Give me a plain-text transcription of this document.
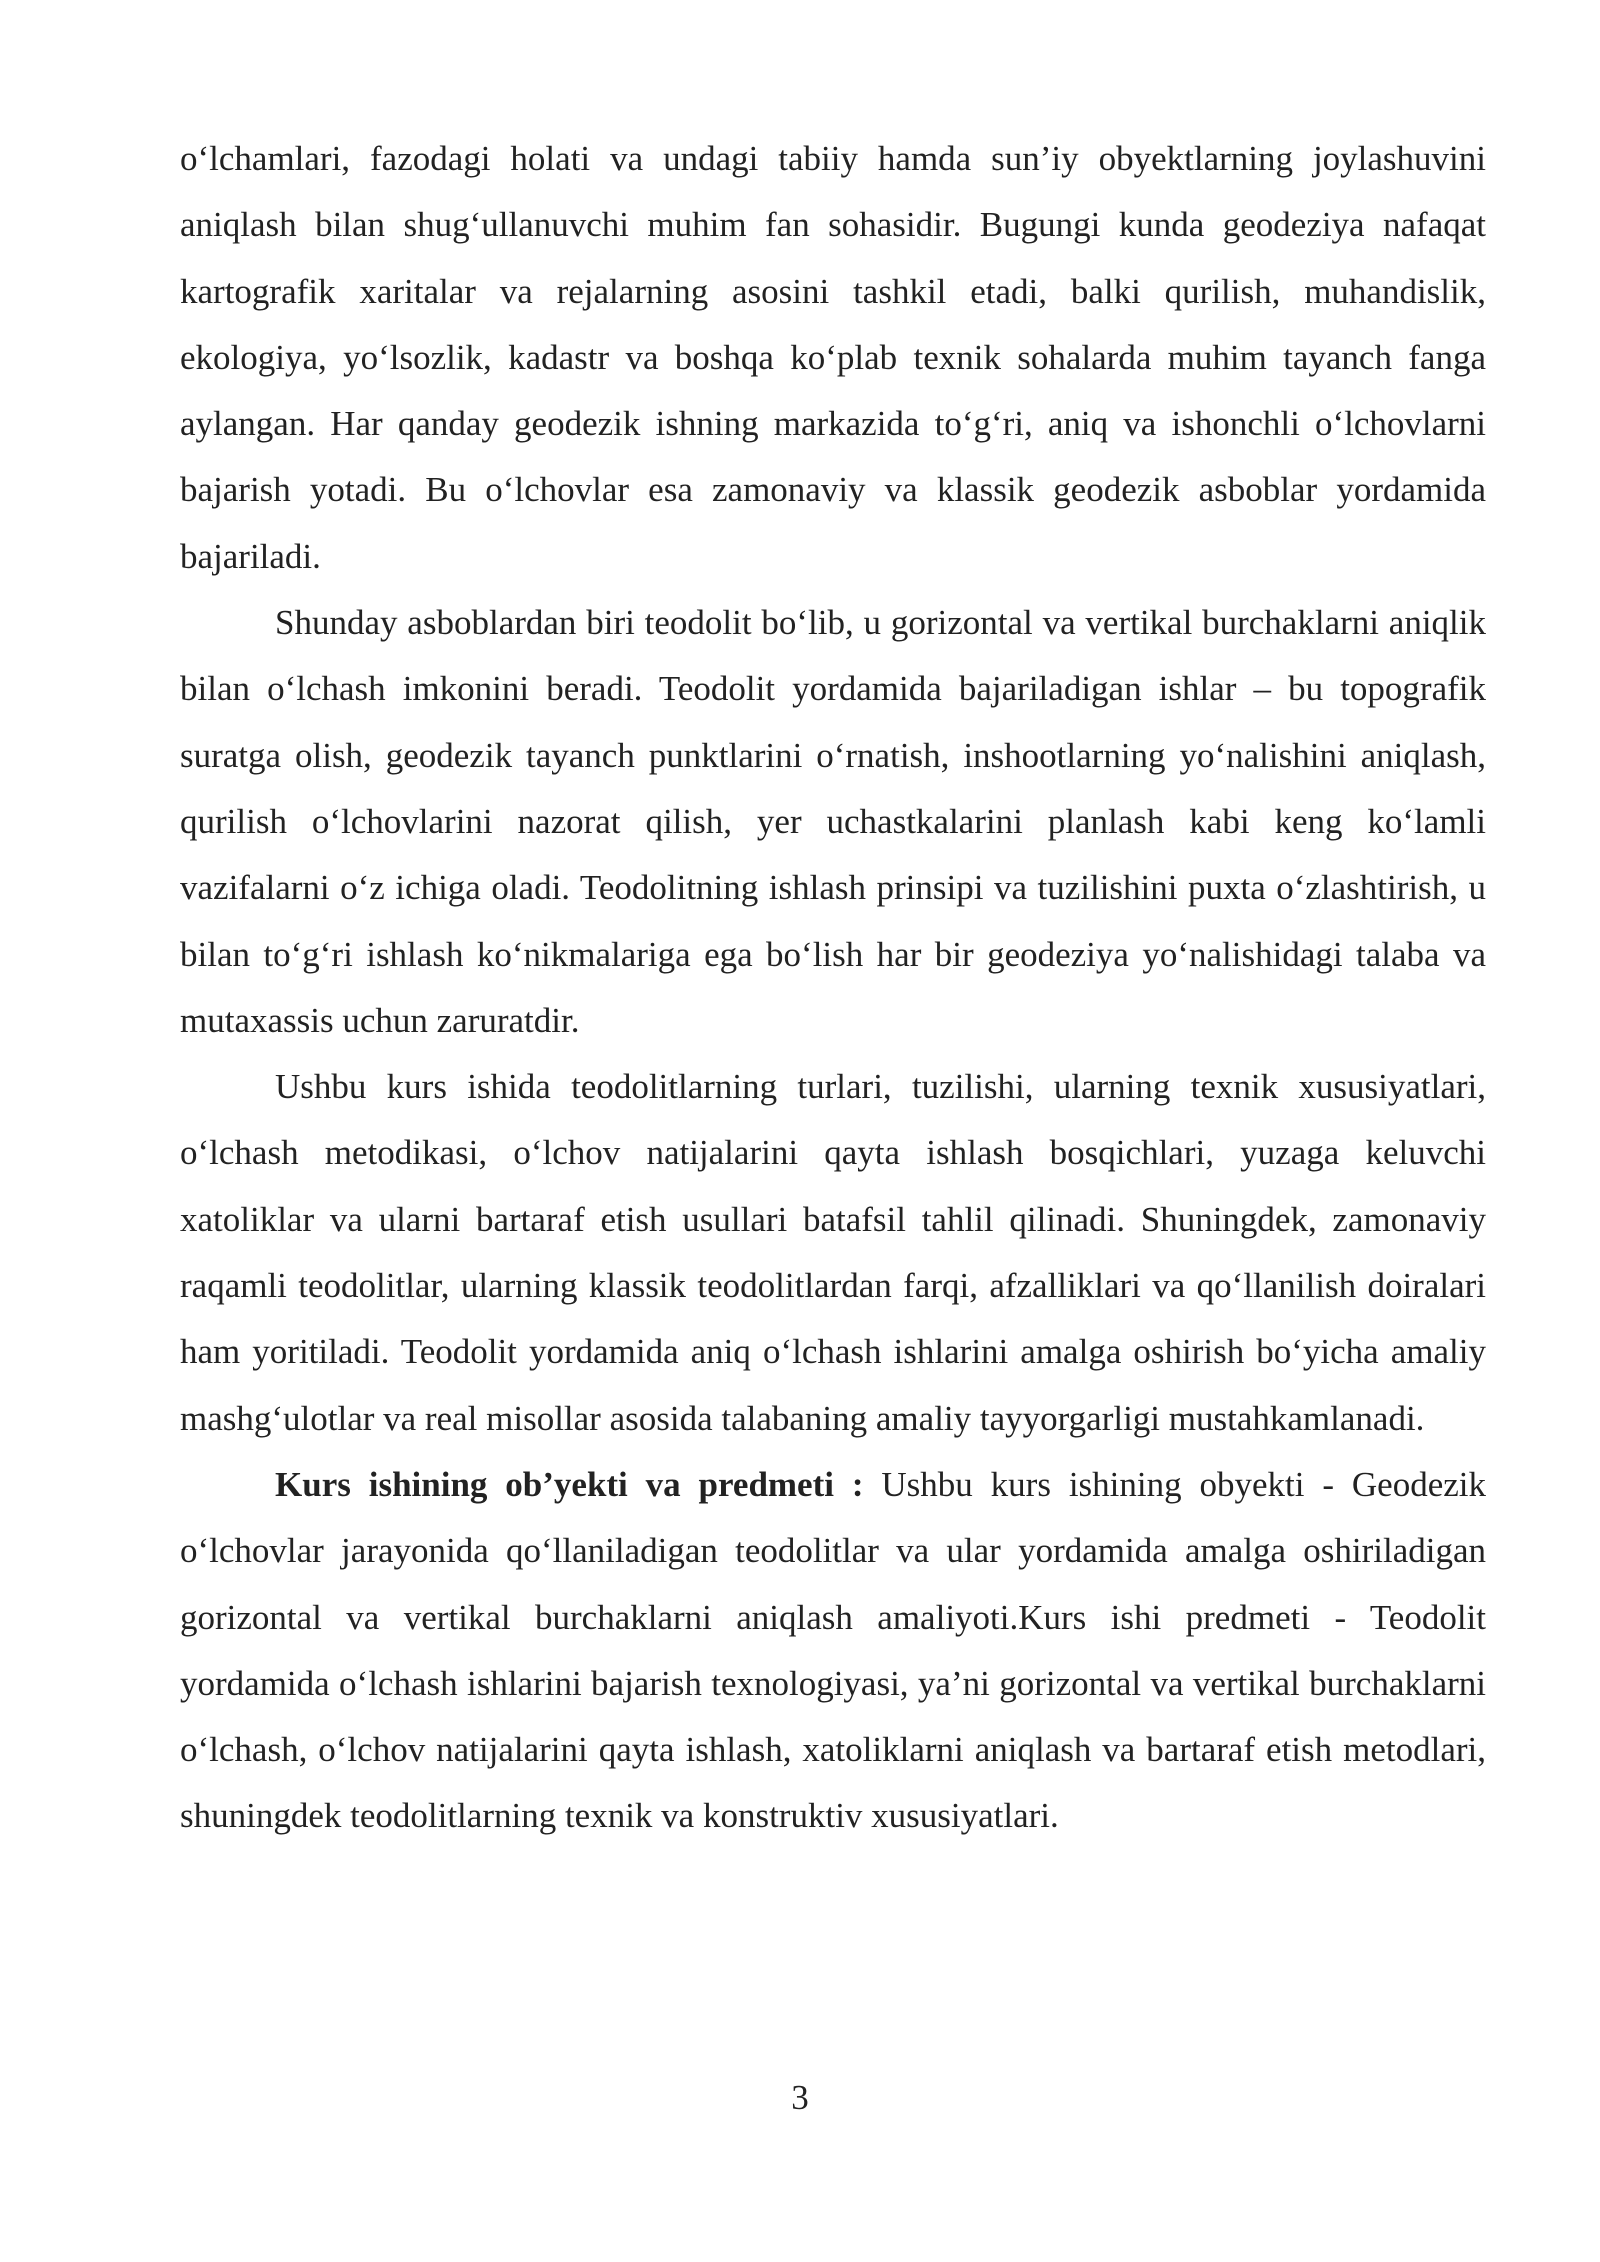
o‘lchamlari, fazodagi holati va undagi tabiiy hamda sun’iy obyektlarning joylashuvini aniqlash bilan shug‘ullanuvchi muhim fan sohasidir. Bugungi kunda geodeziya nafaqat kartografik xaritalar va rejalarning asosini tashkil etadi, balki qurilish, muhandislik, ekologiya, yo‘lsozlik, kadastr va boshqa ko‘plab texnik sohalarda muhim tayanch fanga aylangan. Har qanday geodezik ishning markazida to‘g‘ri, aniq va ishonchli o‘lchovlarni bajarish yotadi. Bu o‘lchovlar esa zamonaviy va klassik geodezik asboblar yordamida bajariladi.

Shunday asboblardan biri teodolit bo‘lib, u gorizontal va vertikal burchaklarni aniqlik bilan o‘lchash imkonini beradi. Teodolit yordamida bajariladigan ishlar – bu topografik suratga olish, geodezik tayanch punktlarini o‘rnatish, inshootlarning yo‘nalishini aniqlash, qurilish o‘lchovlarini nazorat qilish, yer uchastkalarini planlash kabi keng ko‘lamli vazifalarni o‘z ichiga oladi. Teodolitning ishlash prinsipi va tuzilishini puxta o‘zlashtirish, u bilan to‘g‘ri ishlash ko‘nikmalariga ega bo‘lish har bir geodeziya yo‘nalishidagi talaba va mutaxassis uchun zaruratdir.

Ushbu kurs ishida teodolitlarning turlari, tuzilishi, ularning texnik xususiyatlari, o‘lchash metodikasi, o‘lchov natijalarini qayta ishlash bosqichlari, yuzaga keluvchi xatoliklar va ularni bartaraf etish usullari batafsil tahlil qilinadi. Shuningdek, zamonaviy raqamli teodolitlar, ularning klassik teodolitlardan farqi, afzalliklari va qo‘llanilish doiralari ham yoritiladi. Teodolit yordamida aniq o‘lchash ishlarini amalga oshirish bo‘yicha amaliy mashg‘ulotlar va real misollar asosida talabaning amaliy tayyorgarligi mustahkamlanadi.

Kurs ishining ob’yekti va predmeti : Ushbu kurs ishining obyekti - Geodezik o‘lchovlar jarayonida qo‘llaniladigan teodolitlar va ular yordamida amalga oshiriladigan gorizontal va vertikal burchaklarni aniqlash amaliyoti.Kurs ishi predmeti - Teodolit yordamida o‘lchash ishlarini bajarish texnologiyasi, ya’ni gorizontal va vertikal burchaklarni o‘lchash, o‘lchov natijalarini qayta ishlash, xatoliklarni aniqlash va bartaraf etish metodlari, shuningdek teodolitlarning texnik va konstruktiv xususiyatlari.

3
